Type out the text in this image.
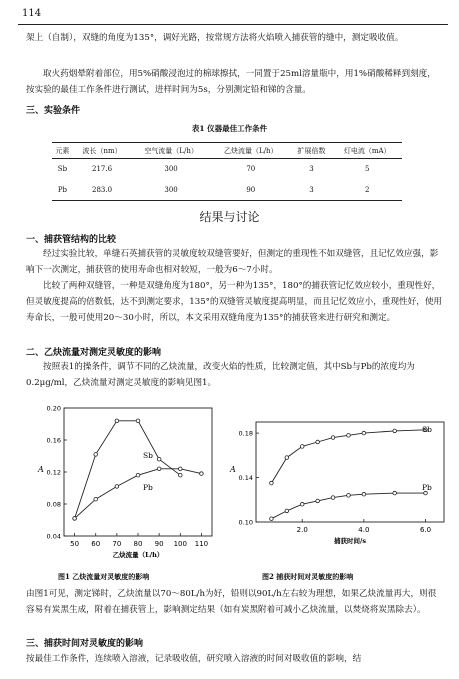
114
架上（自制），双缝的角度为135°，调好光路，按常规方法将火焰喷入捕获管的缝中，测定吸收值。
取火药烟晕附着部位，用5%硝酸浸泡过的棉球擦拭，一同置于25ml溶量瓶中，用1%硝酸稀释到刻度，按实验的最佳工作条件进行测试，进样时间为5s，分别测定铅和锑的含量。
三、实验条件
表1 仪器最佳工作条件
元素	波长（nm）	空气流量（L/h）	乙炔流量（L/h）	扩展倍数	灯电流（mA）
Sb	217.6	300	70	3	5
Pb	283.0	300	90	3	2
结果与讨论
一、捕获管结构的比较
经过实验比较，单缝石英捕获管的灵敏度较双缝管要好，但测定的重现性不如双缝管，且记忆效应强，影响下一次测定，捕获管的使用寿命也相对较短，一般为6～7小时。
比较了两种双缝管，一种是双缝角度为180°，另一种为135°，180°的捕获管记忆效应较小，重现性好，但灵敏度提高的倍数低，达不到测定要求，135°的双缝管灵敏度提高明显，而且记忆效应小，重现性好，使用寿命长，一般可使用20～30小时，所以，本文采用双缝角度为135°的捕获管来进行研究和测定。
二、乙炔流量对测定灵敏度的影响
按照表1的操条件，调节不同的乙炔流量，改变火焰的性质，比较测定值，其中Sb与Pb的浓度均为0.2μg/ml，乙炔流量对测定灵敏度的影响见图1。
50 60 70 80 90 100 110
0.04
0.08
0.12
0.16
0.20
A
乙炔流量（L/h）
Sb
Pb
图1 乙炔流量对灵敏度的影响
2.0	4.0	6.0
0.10
0.14
0.18
A
捕获时间/s
Sb
Pb
图2 捕获时间对灵敏度的影响
由图1可见，测定锑时，乙炔流量以70～80L/h为好，铅则以90L/h左右较为理想，如果乙炔流量再大，则很容易有炭黑生成，附着在捕获管上，影响测定结果（如有炭黑附着可减小乙炔流量，以焚烧将炭黑除去）。
三、捕获时间对灵敏度的影响
按最佳工作条件，连续喷入溶液，记录吸收值，研究喷入溶液的时间对吸收值的影响，结
